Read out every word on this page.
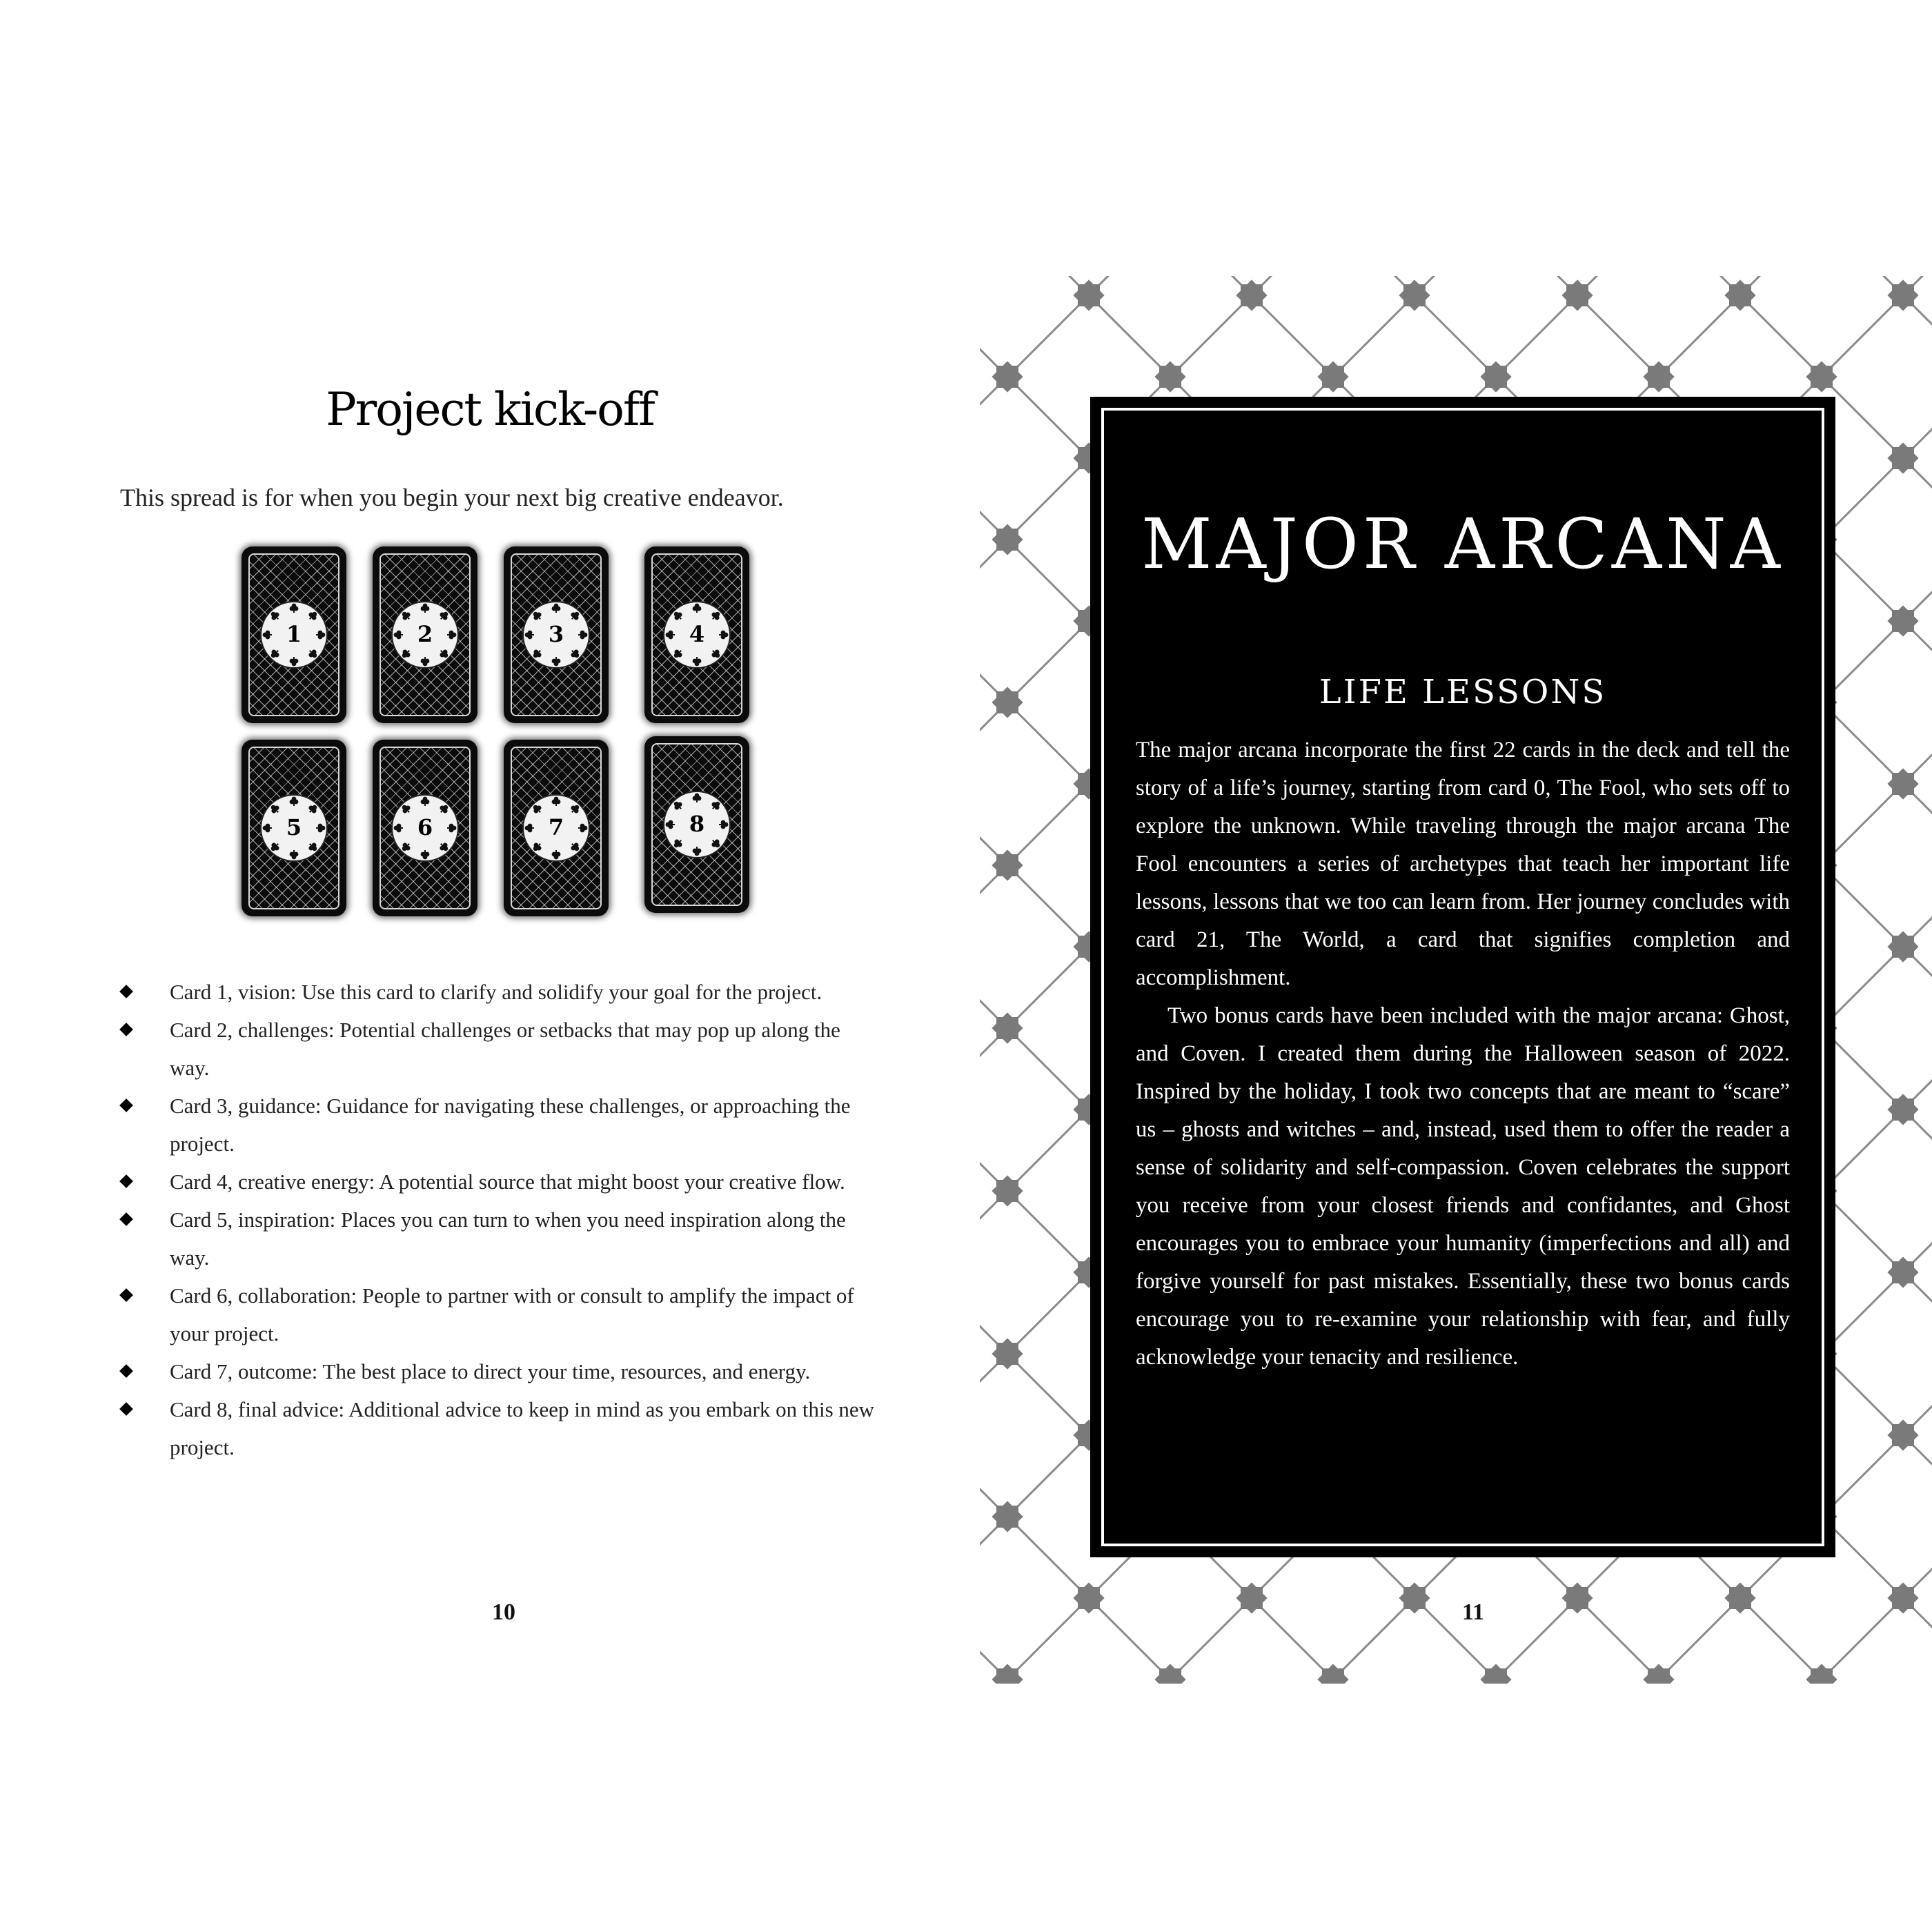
Project kick-off

This spread is for when you begin your next big creative endeavor.

1	2	3	4
5	6	7	8
Card 1, vision: Use this card to clarify and solidify your goal for the project.
Card 2, challenges: Potential challenges or setbacks that may pop up along the way.
Card 3, guidance: Guidance for navigating these challenges, or approaching the project.
Card 4, creative energy: A potential source that might boost your creative flow.
Card 5, inspiration: Places you can turn to when you need inspiration along the way.
Card 6, collaboration: People to partner with or consult to amplify the impact of your project.
Card 7, outcome: The best place to direct your time, resources, and energy.
Card 8, final advice: Additional advice to keep in mind as you embark on this new project.
10
MAJOR ARCANA
LIFE LESSONS

The major arcana incorporate the first 22 cards in the deck and tell the story of a life’s journey, starting from card 0, The Fool, who sets off to explore the unknown. While traveling through the major arcana The Fool encounters a series of archetypes that teach her important life lessons, lessons that we too can learn from. Her journey concludes with card 21, The World, a card that signifies completion and accomplishment.

Two bonus cards have been included with the major arcana: Ghost, and Coven. I created them during the Halloween season of 2022. Inspired by the holiday, I took two concepts that are meant to “scare” us – ghosts and witches – and, instead, used them to offer the reader a sense of solidarity and self-compassion. Coven celebrates the support you receive from your closest friends and confidantes, and Ghost encourages you to embrace your humanity (imperfections and all) and forgive yourself for past mistakes. Essentially, these two bonus cards encourage you to re-examine your relationship with fear, and fully acknowledge your tenacity and resilience.

11
